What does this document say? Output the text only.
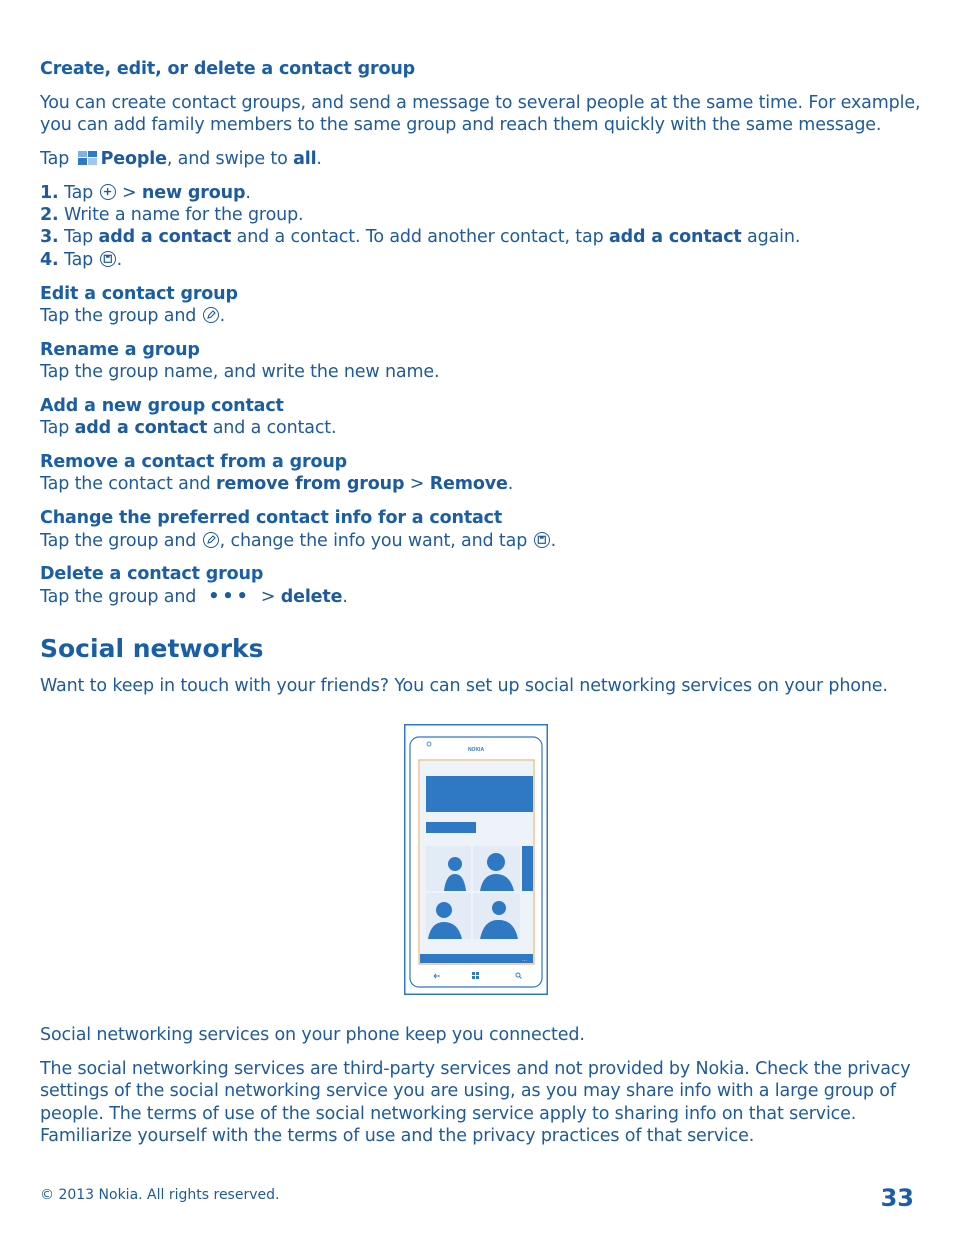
Create, edit, or delete a contact group
You can create contact groups, and send a message to several people at the same time. For example,
you can add family members to the same group and reach them quickly with the same message.
Tap People, and swipe to all.
1. Tap > new group.
2. Write a name for the group.
3. Tap add a contact and a contact. To add another contact, tap add a contact again.
4. Tap .
Edit a contact group
Tap the group and .
Rename a group
Tap the group name, and write the new name.
Add a new group contact
Tap add a contact and a contact.
Remove a contact from a group
Tap the contact and remove from group > Remove.
Change the preferred contact info for a contact
Tap the group and , change the info you want, and tap .
Delete a contact group
Tap the group and ••• > delete.
Social networks
Want to keep in touch with your friends? You can set up social networking services on your phone.
Social networking services on your phone keep you connected.
The social networking services are third-party services and not provided by Nokia. Check the privacy
settings of the social networking service you are using, as you may share info with a large group of
people. The terms of use of the social networking service apply to sharing info on that service.
Familiarize yourself with the terms of use and the privacy practices of that service.
NOKIA
…
© 2013 Nokia. All rights reserved.	33
